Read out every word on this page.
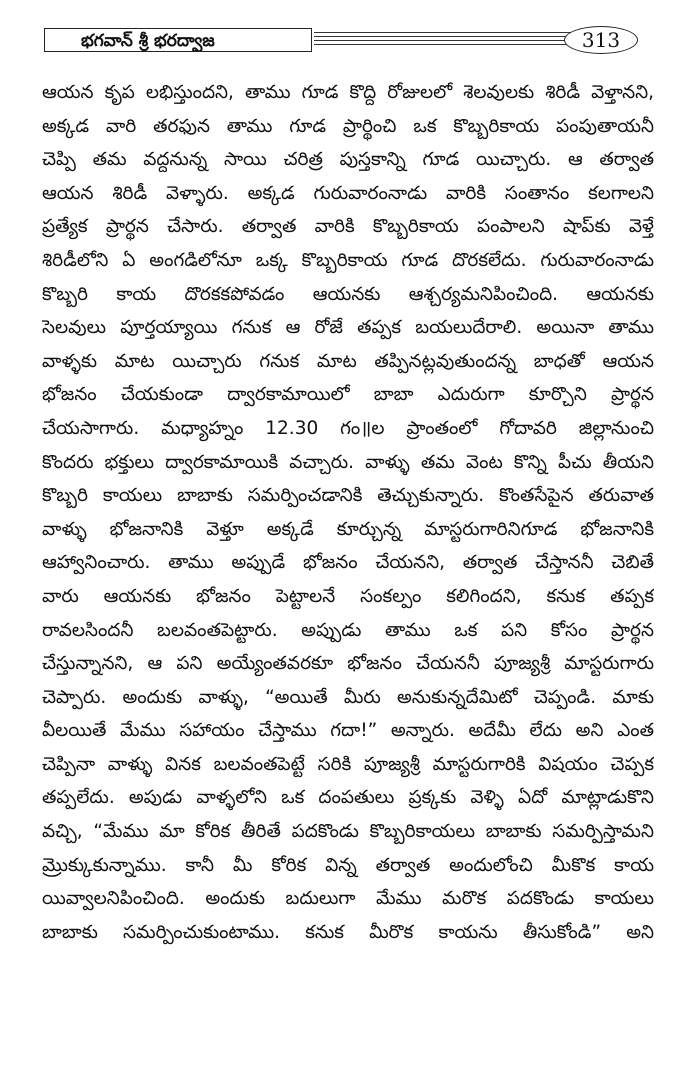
భగవాన్ శ్రీ భరద్వాజ	313
ఆయన కృప లభిస్తుందని, తాము గూడ కొద్ది రోజులలో శెలవులకు శిరిడీ వెళ్తానని,
అక్కడ వారి తరఫున తాము గూడ ప్రార్థించి ఒక కొబ్బరికాయ పంపుతాయనీ
చెప్పి తమ వద్దనున్న సాయి చరిత్ర పుస్తకాన్ని గూడ యిచ్చారు. ఆ తర్వాత
ఆయన శిరిడీ వెళ్ళారు. అక్కడ గురువారంనాడు వారికి సంతానం కలగాలని
ప్రత్యేక ప్రార్థన చేసారు. తర్వాత వారికి కొబ్బరికాయ పంపాలని షాప్‌కు వెళ్తే
శిరిడీలోని ఏ అంగడిలోనూ ఒక్క కొబ్బరికాయ గూడ దొరకలేదు. గురువారంనాడు
కొబ్బరి కాయ దొరకకపోవడం ఆయనకు ఆశ్చర్యమనిపించింది. ఆయనకు
సెలవులు పూర్తయ్యాయి గనుక ఆ రోజే తప్పక బయలుదేరాలి. అయినా తాము
వాళ్ళకు మాట యిచ్చారు గనుక మాట తప్పినట్లవుతుందన్న బాధతో ఆయన
భోజనం చేయకుండా ద్వారకామాయిలో బాబా ఎదురుగా కూర్చొని ప్రార్థన
చేయసాగారు. మధ్యాహ్నం 12.30 గం॥ల ప్రాంతంలో గోదావరి జిల్లానుంచి
కొందరు భక్తులు ద్వారకామాయికి వచ్చారు. వాళ్ళు తమ వెంట కొన్ని పీచు తీయని
కొబ్బరి కాయలు బాబాకు సమర్పించడానికి తెచ్చుకున్నారు. కొంతసేపైన తరువాత
వాళ్ళు భోజనానికి వెళ్తూ అక్కడే కూర్చున్న మాస్టరుగారినిగూడ భోజనానికి
ఆహ్వానించారు. తాము అప్పుడే భోజనం చేయనని, తర్వాత చేస్తాననీ చెబితే
వారు ఆయనకు భోజనం పెట్టాలనే సంకల్పం కలిగిందని, కనుక తప్పక
రావలసిందనీ బలవంతపెట్టారు. అప్పుడు తాము ఒక పని కోసం ప్రార్థన
చేస్తున్నానని, ఆ పని అయ్యేంతవరకూ భోజనం చేయననీ పూజ్యశ్రీ మాస్టరుగారు
చెప్పారు. అందుకు వాళ్ళు, “అయితే మీరు అనుకున్నదేమిటో చెప్పండి. మాకు
వీలయితే మేము సహాయం చేస్తాము గదా!” అన్నారు. అదేమీ లేదు అని ఎంత
చెప్పినా వాళ్ళు వినక బలవంతపెట్టే సరికి పూజ్యశ్రీ మాస్టరుగారికి విషయం చెప్పక
తప్పలేదు. అపుడు వాళ్ళలోని ఒక దంపతులు ప్రక్కకు వెళ్ళి ఏదో మాట్లాడుకొని
వచ్చి, “మేము మా కోరిక తీరితే పదకొండు కొబ్బరికాయలు బాబాకు సమర్పిస్తామని
మ్రొక్కుకున్నాము. కానీ మీ కోరిక విన్న తర్వాత అందులోంచి మీకొక కాయ
యివ్వాలనిపించింది. అందుకు బదులుగా మేము మరొక పదకొండు కాయలు
బాబాకు సమర్పించుకుంటాము. కనుక మీరొక కాయను తీసుకోండి” అని
